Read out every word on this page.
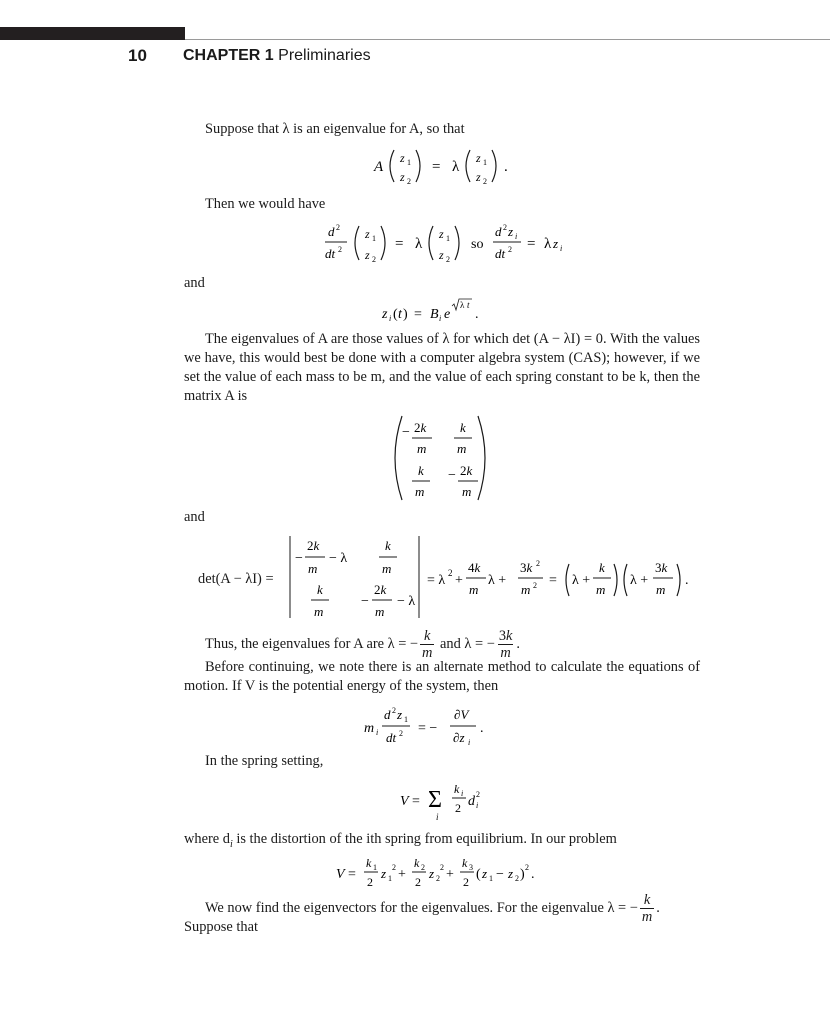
10 CHAPTER 1 Preliminaries
Suppose that λ is an eigenvalue for A, so that
A
z 1
z 2
= λ
z 1
z 2
.
Then we would have
d 2
dt 2
z 1
z 2
= λ
z 1
z 2
so
d 2 z i
dt 2 = λ z i
and
z i ( t ) = B i e
λ t
.
The eigenvalues of A are those values of λ for which det (A − λI) = 0. With the values we have, this would best be done with a computer algebra system (CAS); however, if we set the value of each mass to be m, and the value of each spring constant to be k, then the matrix A is
− 2k
m
k
m
k
m
− 2k
m
and
det(A − λI) =
−
2k
m
− λ
k
m
k
m
−
2k
m
− λ
= λ 2 +
4k
m
λ +
3k 2
m 2 = λ +
k
m
λ +
3k
m
.
Thus, the eigenvalues for A are λ = − $\frac{k}{m}$ and λ = − $\frac{3k}{m}$ .
Before continuing, we note there is an alternate method to calculate the equations of motion. If V is the potential energy of the system, then
m i
d 2 z 1
dt 2 = −
∂V
∂z i
.
In the spring setting,
V = Σ
i
k i
2 d 2
i
where $d_i$ is the distortion of the ith spring from equilibrium. In our problem
V =
k 1
2
z 1
2 +
k 2
2
z 2
2 +
k 3
2 ( z 1 − z 2 ) 2 .
We now find the eigenvectors for the eigenvalues. For the eigenvalue λ = − $\frac{k}{m}$ .
Suppose that
